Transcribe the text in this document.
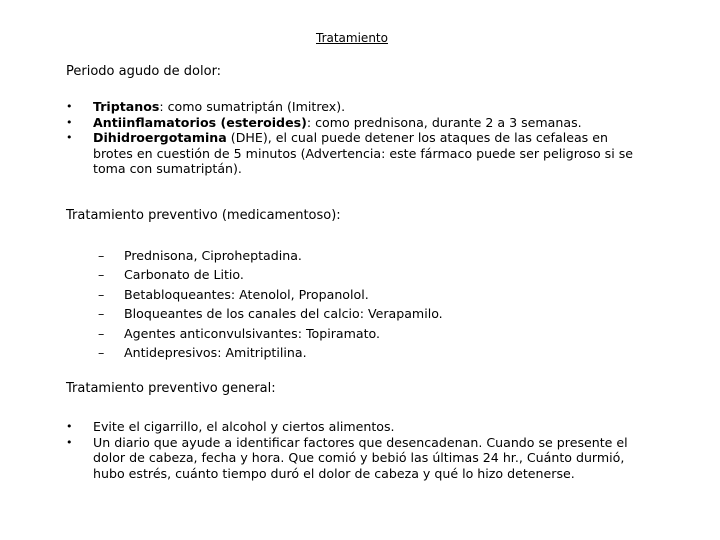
Tratamiento
Periodo agudo de dolor:
• Triptanos: como sumatriptán (Imitrex).
• Antiinflamatorios (esteroides): como prednisona, durante 2 a 3 semanas.
• Dihidroergotamina (DHE), el cual puede detener los ataques de las cefaleas en brotes en cuestión de 5 minutos (Advertencia: este fármaco puede ser peligroso si se toma con sumatriptán).
Tratamiento preventivo (medicamentoso):
– Prednisona, Ciproheptadina.
– Carbonato de Litio.
– Betabloqueantes: Atenolol, Propanolol.
– Bloqueantes de los canales del calcio: Verapamilo.
– Agentes anticonvulsivantes: Topiramato.
– Antidepresivos: Amitriptilina.
Tratamiento preventivo general:
• Evite el cigarrillo, el alcohol y ciertos alimentos.
• Un diario que ayude a identificar factores que desencadenan. Cuando se presente el dolor de cabeza, fecha y hora. Que comió y bebió las últimas 24 hr., Cuánto durmió, hubo estrés, cuánto tiempo duró el dolor de cabeza y qué lo hizo detenerse.
